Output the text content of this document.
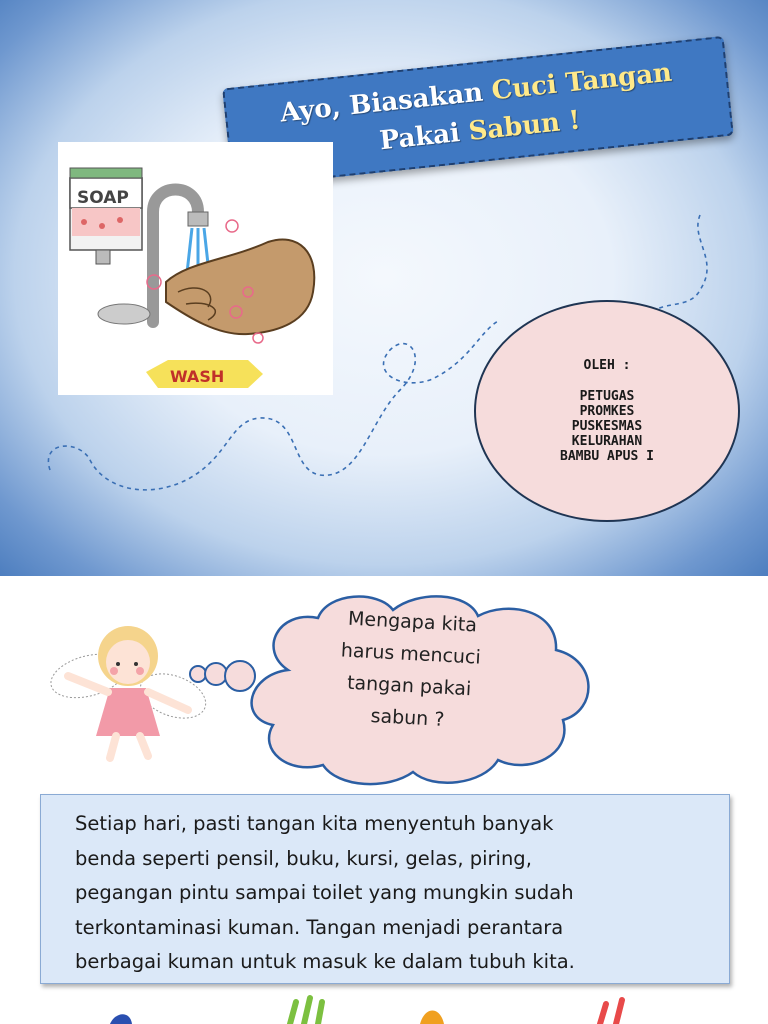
Ayo, Biasakan Cuci Tangan
Pakai Sabun !
SOAP
WASH
OLEH :
PETUGAS
PROMKES
PUSKESMAS
KELURAHAN
BAMBU APUS I
Mengapa kita
harus mencuci
tangan pakai
sabun ?
Setiap hari, pasti tangan kita menyentuh banyak
benda seperti pensil, buku, kursi, gelas, piring,
pegangan pintu sampai toilet yang mungkin sudah
terkontaminasi kuman. Tangan menjadi perantara
berbagai kuman untuk masuk ke dalam tubuh kita.
